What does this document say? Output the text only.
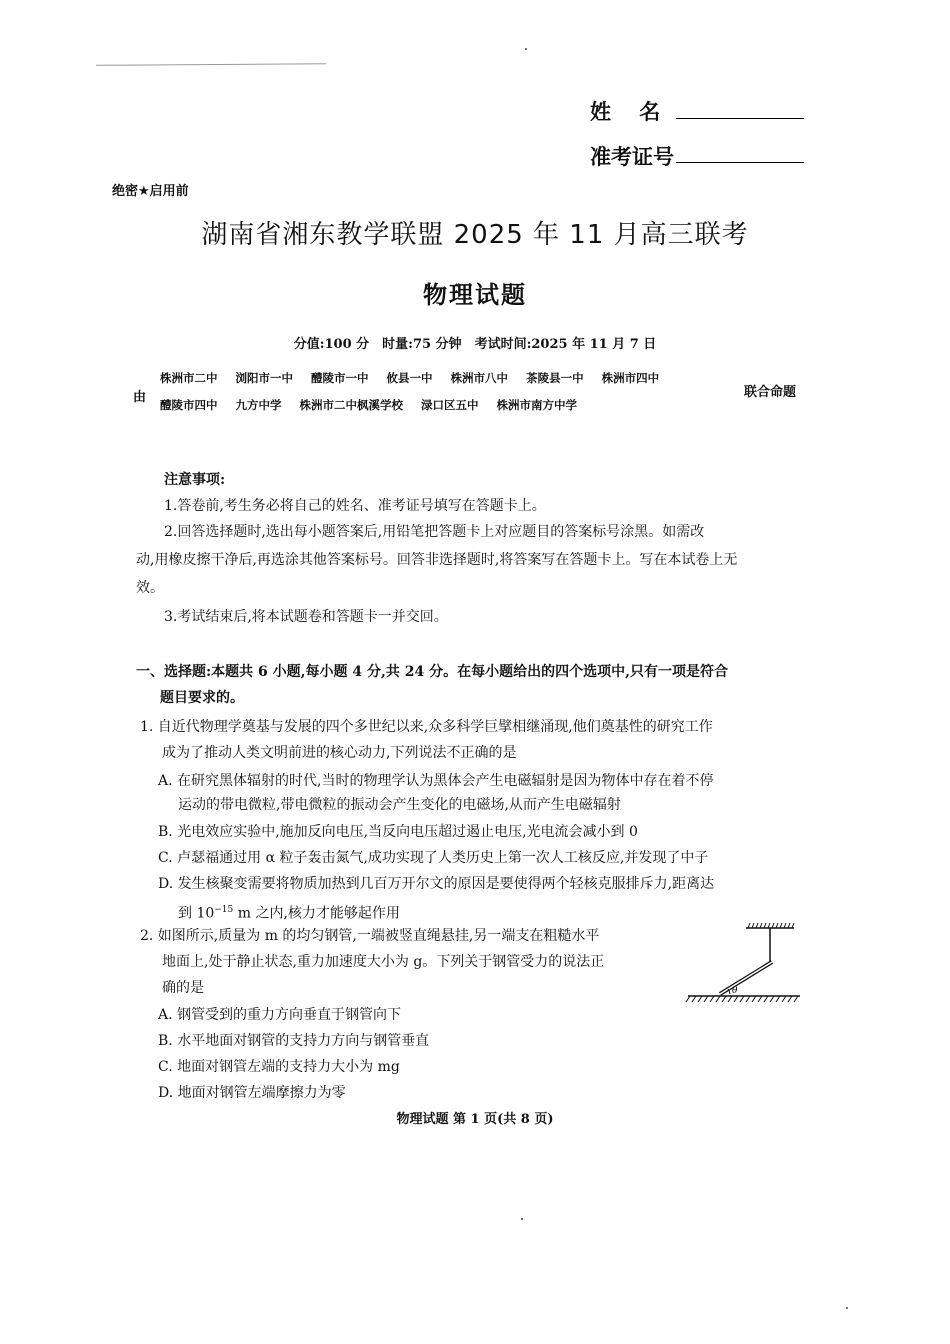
姓　 名
准考证号
绝密★启用前
湖南省湘东教学联盟 2025 年 11 月高三联考
物理试题
分值:100 分　时量:75 分钟　考试时间:2025 年 11 月 7 日
由
株洲市二中 浏阳市一中 醴陵市一中 攸县一中 株洲市八中 茶陵县一中 株洲市四中
醴陵市四中 九方中学 株洲市二中枫溪学校 渌口区五中 株洲市南方中学
联合命题
注意事项:
1.答卷前,考生务必将自己的姓名、准考证号填写在答题卡上。
2.回答选择题时,选出每小题答案后,用铅笔把答题卡上对应题目的答案标号涂黑。如需改
动,用橡皮擦干净后,再选涂其他答案标号。回答非选择题时,将答案写在答题卡上。写在本试卷上无
效。
3.考试结束后,将本试题卷和答题卡一并交回。
一、选择题:本题共 6 小题,每小题 4 分,共 24 分。在每小题给出的四个选项中,只有一项是符合
题目要求的。
1. 自近代物理学奠基与发展的四个多世纪以来,众多科学巨擘相继涌现,他们奠基性的研究工作
成为了推动人类文明前进的核心动力,下列说法不正确的是
A. 在研究黑体辐射的时代,当时的物理学认为黑体会产生电磁辐射是因为物体中存在着不停
运动的带电微粒,带电微粒的振动会产生变化的电磁场,从而产生电磁辐射
B. 光电效应实验中,施加反向电压,当反向电压超过遏止电压,光电流会减小到 0
C. 卢瑟福通过用 α 粒子轰击氮气,成功实现了人类历史上第一次人工核反应,并发现了中子
D. 发生核聚变需要将物质加热到几百万开尔文的原因是要使得两个轻核克服排斥力,距离达
到 $10^{-15}$ m 之内,核力才能够起作用
2. 如图所示,质量为 m 的均匀钢管,一端被竖直绳悬挂,另一端支在粗糙水平
地面上,处于静止状态,重力加速度大小为 g。下列关于钢管受力的说法正
确的是
A. 钢管受到的重力方向垂直于钢管向下
B. 水平地面对钢管的支持力方向与钢管垂直
C. 地面对钢管左端的支持力大小为 mg
D. 地面对钢管左端摩擦力为零
θ
物理试题 第 1 页(共 8 页)
